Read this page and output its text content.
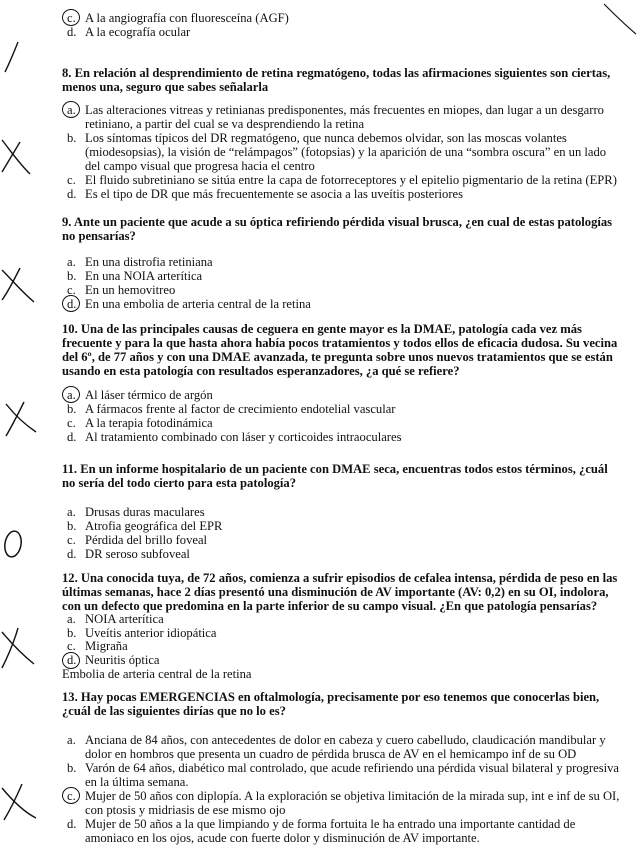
c. A la angiografía con fluoresceína (AGF)
d. A la ecografía ocular

8. En relación al desprendimiento de retina regmatógeno, todas las afirmaciones siguientes son ciertas, menos una, seguro que sabes señalarla

a. Las alteraciones vitreas y retinianas predisponentes, más frecuentes en miopes, dan lugar a un desgarro retiniano, a partir del cual se va desprendiendo la retina
b. Los síntomas típicos del DR regmatógeno, que nunca debemos olvidar, son las moscas volantes (miodesopsias), la visión de “relámpagos” (fotopsias) y la aparición de una “sombra oscura” en un lado del campo visual que progresa hacia el centro
c. El fluido subretiniano se sitúa entre la capa de fotorreceptores y el epitelio pigmentario de la retina (EPR)
d. Es el tipo de DR que más frecuentemente se asocia a las uveítis posteriores

9. Ante un paciente que acude a su óptica refiriendo pérdida visual brusca, ¿en cual de estas patologías no pensarías?

a. En una distrofia retiniana
b. En una NOIA arterítica
c. En un hemovitreo
d. En una embolia de arteria central de la retina

10. Una de las principales causas de ceguera en gente mayor es la DMAE, patología cada vez más frecuente y para la que hasta ahora había pocos tratamientos y todos ellos de eficacia dudosa. Su vecina del 6º, de 77 años y con una DMAE avanzada, te pregunta sobre unos nuevos tratamientos que se están usando en esta patología con resultados esperanzadores, ¿a qué se refiere?

a. Al láser térmico de argón
b. A fármacos frente al factor de crecimiento endotelial vascular
c. A la terapia fotodinámica
d. Al tratamiento combinado con láser y corticoides intraoculares

11. En un informe hospitalario de un paciente con DMAE seca, encuentras todos estos términos, ¿cuál no sería del todo cierto para esta patología?

a. Drusas duras maculares
b. Atrofia geográfica del EPR
c. Pérdida del brillo foveal
d. DR seroso subfoveal

12. Una conocida tuya, de 72 años, comienza a sufrir episodios de cefalea intensa, pérdida de peso en las últimas semanas, hace 2 días presentó una disminución de AV importante (AV: 0,2) en su OI, indolora, con un defecto que predomina en la parte inferior de su campo visual. ¿En que patología pensarías?

a. NOIA arterítica
b. Uveítis anterior idiopática
c. Migraña
d. Neuritis óptica
Embolia de arteria central de la retina

13. Hay pocas EMERGENCIAS en oftalmología, precisamente por eso tenemos que conocerlas bien, ¿cuál de las siguientes dirías que no lo es?

a. Anciana de 84 años, con antecedentes de dolor en cabeza y cuero cabelludo, claudicación mandibular y dolor en hombros que presenta un cuadro de pérdida brusca de AV en el hemicampo inf de su OD
b. Varón de 64 años, diabético mal controlado, que acude refiriendo una pérdida visual bilateral y progresiva en la última semana.
c. Mujer de 50 años con diplopía. A la exploración se objetiva limitación de la mirada sup, int e inf de su OI, con ptosis y midriasis de ese mismo ojo
d. Mujer de 50 años a la que limpiando y de forma fortuita le ha entrado una importante cantidad de amoniaco en los ojos, acude con fuerte dolor y disminución de AV importante.
